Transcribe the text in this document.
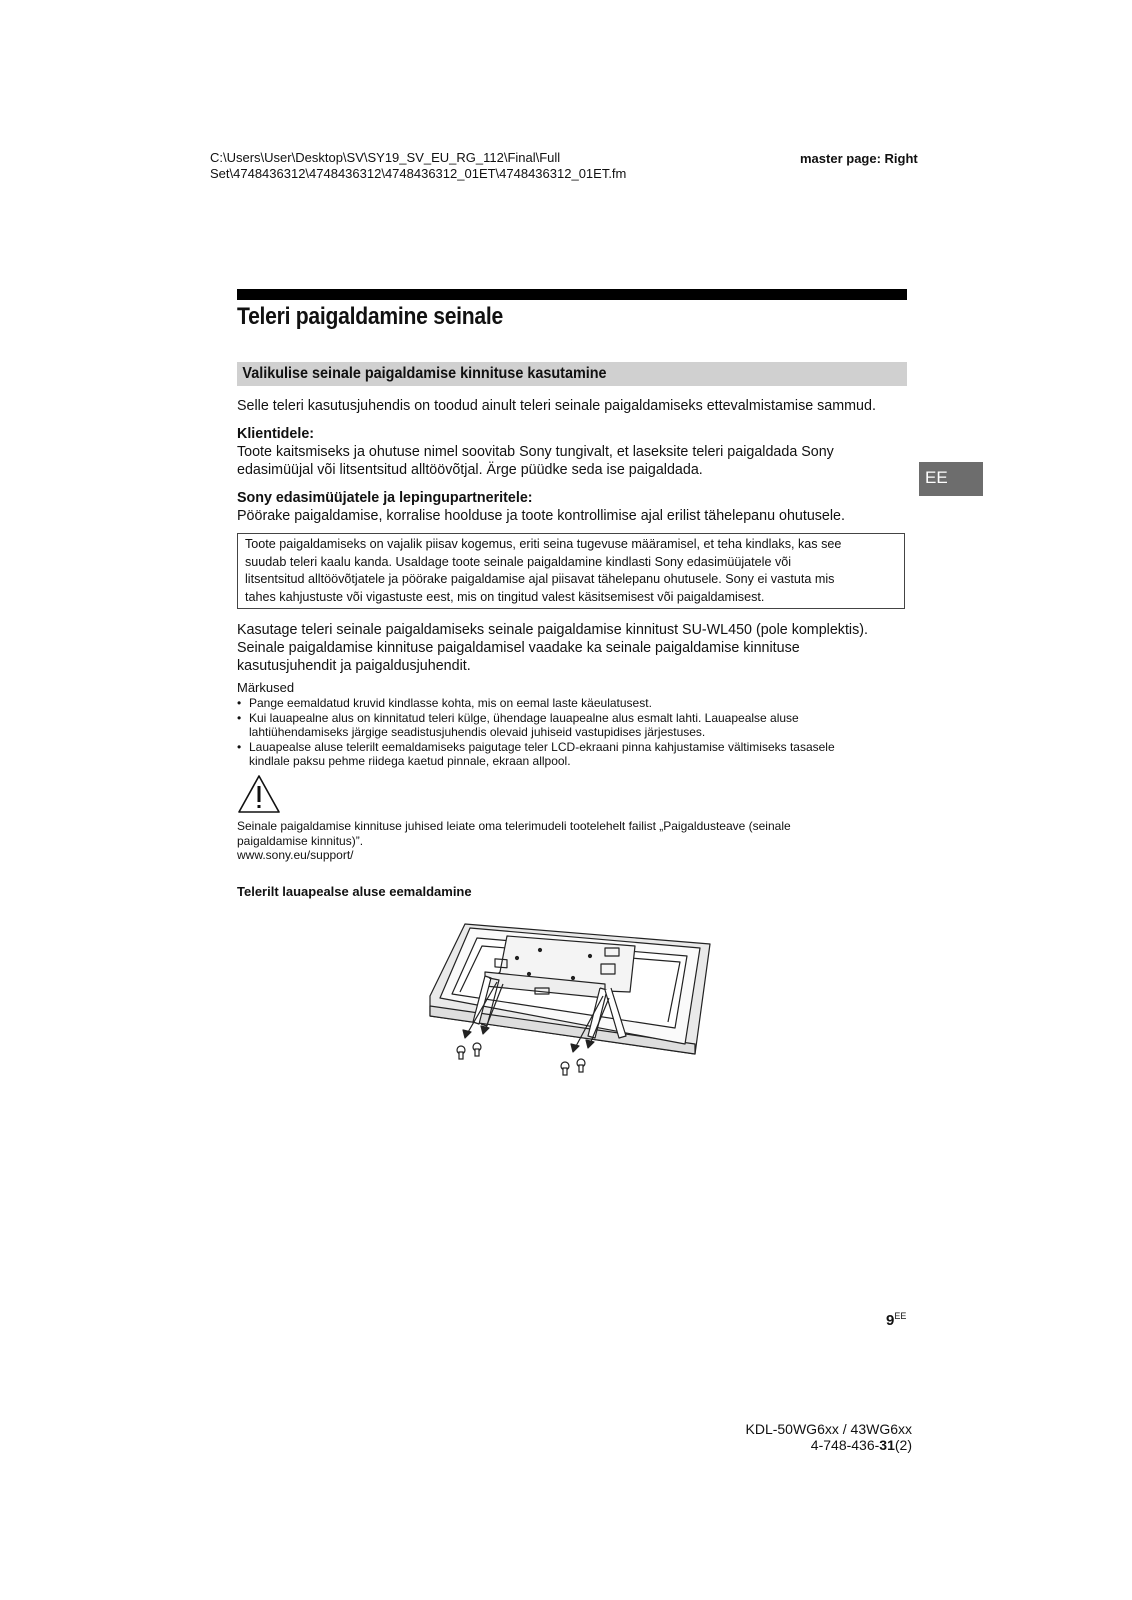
C:\Users\User\Desktop\SV\SY19_SV_EU_RG_112\Final\Full
Set\4748436312\4748436312\4748436312_01ET\4748436312_01ET.fm
master page: Right
Teleri paigaldamine seinale
Valikulise seinale paigaldamise kinnituse kasutamine
EE
Selle teleri kasutusjuhendis on toodud ainult teleri seinale paigaldamiseks ettevalmistamise sammud.
Klientidele:
Toote kaitsmiseks ja ohutuse nimel soovitab Sony tungivalt, et laseksite teleri paigaldada Sony
edasimüüjal või litsentsitud alltöövõtjal. Ärge püüdke seda ise paigaldada.
Sony edasimüüjatele ja lepingupartneritele:
Pöörake paigaldamise, korralise hoolduse ja toote kontrollimise ajal erilist tähelepanu ohutusele.
Toote paigaldamiseks on vajalik piisav kogemus, eriti seina tugevuse määramisel, et teha kindlaks, kas see
suudab teleri kaalu kanda. Usaldage toote seinale paigaldamine kindlasti Sony edasimüüjatele või
litsentsitud alltöövõtjatele ja pöörake paigaldamise ajal piisavat tähelepanu ohutusele. Sony ei vastuta mis
tahes kahjustuste või vigastuste eest, mis on tingitud valest käsitsemisest või paigaldamisest.
Kasutage teleri seinale paigaldamiseks seinale paigaldamise kinnitust SU-WL450 (pole komplektis).
Seinale paigaldamise kinnituse paigaldamisel vaadake ka seinale paigaldamise kinnituse
kasutusjuhendit ja paigaldusjuhendit.
Märkused
• Pange eemaldatud kruvid kindlasse kohta, mis on eemal laste käeulatusest.
• Kui lauapealne alus on kinnitatud teleri külge, ühendage lauapealne alus esmalt lahti. Lauapealse aluse
lahtiühendamiseks järgige seadistusjuhendis olevaid juhiseid vastupidises järjestuses.
• Lauapealse aluse telerilt eemaldamiseks paigutage teler LCD-ekraani pinna kahjustamise vältimiseks tasasele
kindlale paksu pehme riidega kaetud pinnale, ekraan allpool.
Seinale paigaldamise kinnituse juhised leiate oma telerimudeli tootelehelt failist „Paigaldusteave (seinale
paigaldamise kinnitus)”.
www.sony.eu/support/
Telerilt lauapealse aluse eemaldamine
$9^{EE}$
KDL-50WG6xx / 43WG6xx
4-748-436-31(2)
